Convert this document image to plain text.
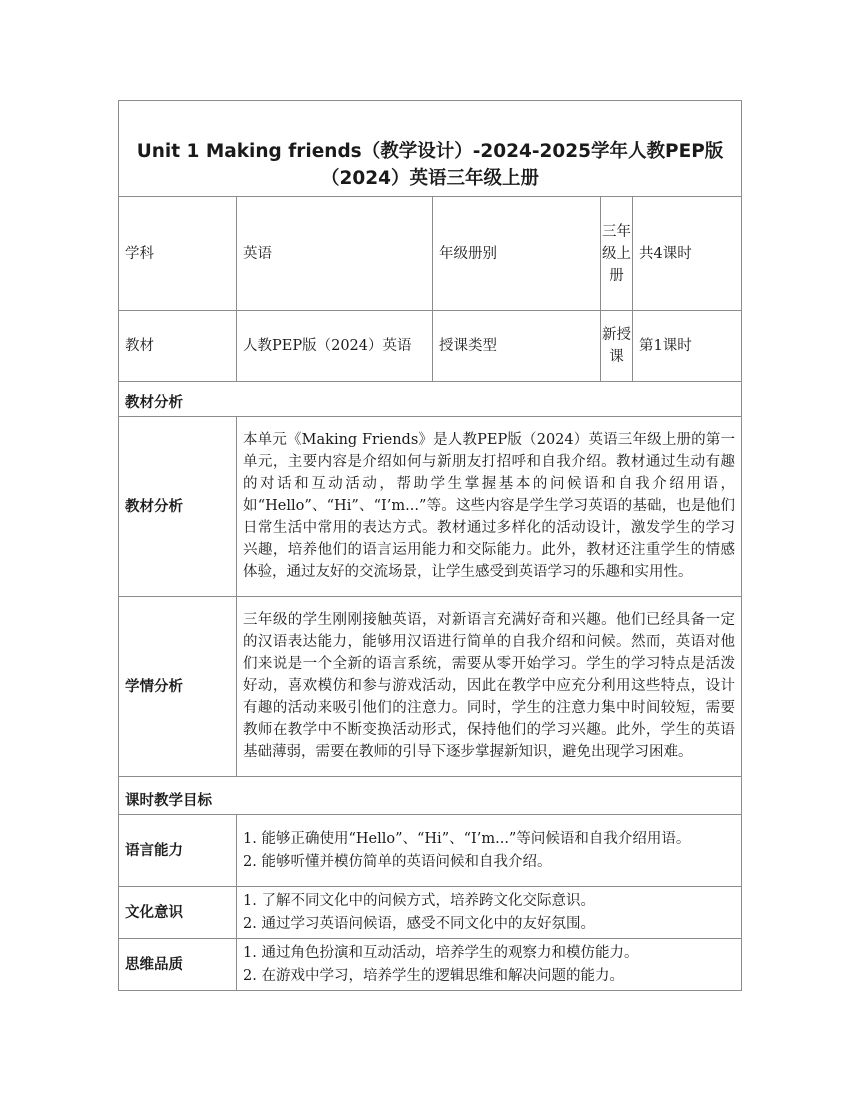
Unit 1 Making friends（教学设计）-2024-2025学年人教PEP版（2024）英语三年级上册				
学科	英语	年级册别	三年级上册	共4课时
教材	人教PEP版（2024）英语	授课类型	新授课	第1课时
教材分析				
教材分析	本单元《Making Friends》是人教PEP版（2024）英语三年级上册的第一单元，主要内容是介绍如何与新朋友打招呼和自我介绍。教材通过生动有趣的对话和互动活动，帮助学生掌握基本的问候语和自我介绍用语，如“Hello”、“Hi”、“I’m...”等。这些内容是学生学习英语的基础，也是他们日常生活中常用的表达方式。教材通过多样化的活动设计，激发学生的学习兴趣，培养他们的语言运用能力和交际能力。此外，教材还注重学生的情感体验，通过友好的交流场景，让学生感受到英语学习的乐趣和实用性。			
学情分析	三年级的学生刚刚接触英语，对新语言充满好奇和兴趣。他们已经具备一定的汉语表达能力，能够用汉语进行简单的自我介绍和问候。然而，英语对他们来说是一个全新的语言系统，需要从零开始学习。学生的学习特点是活泼好动，喜欢模仿和参与游戏活动，因此在教学中应充分利用这些特点，设计有趣的活动来吸引他们的注意力。同时，学生的注意力集中时间较短，需要教师在教学中不断变换活动形式，保持他们的学习兴趣。此外，学生的英语基础薄弱，需要在教师的引导下逐步掌握新知识，避免出现学习困难。			
课时教学目标				
语言能力	1. 能够正确使用“Hello”、“Hi”、“I’m...”等问候语和自我介绍用语。
2. 能够听懂并模仿简单的英语问候和自我介绍。			

文化意识	1. 了解不同文化中的问候方式，培养跨文化交际意识。
2. 通过学习英语问候语，感受不同文化中的友好氛围。			

思维品质	1. 通过角色扮演和互动活动，培养学生的观察力和模仿能力。
2. 在游戏中学习，培养学生的逻辑思维和解决问题的能力。			
